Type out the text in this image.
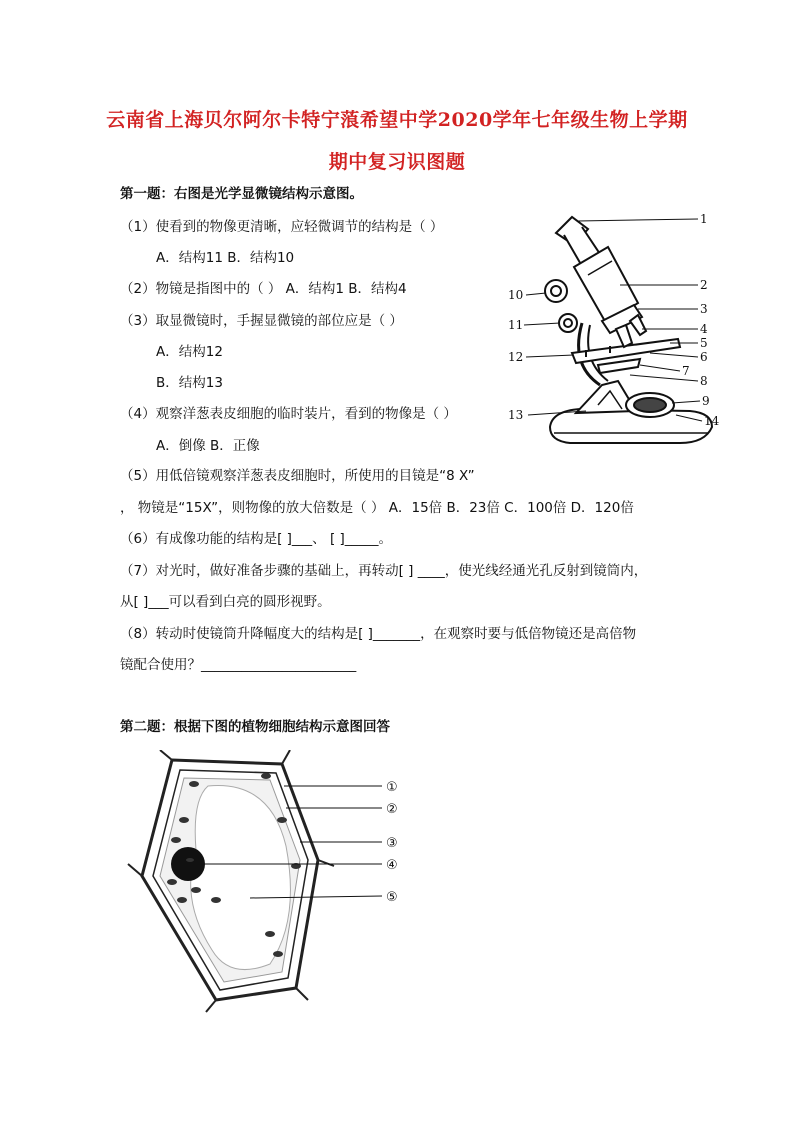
云南省上海贝尔阿尔卡特宁蒗希望中学2020学年七年级生物上学期
期中复习识图题
第一题：右图是光学显微镜结构示意图。
（1）使看到的物像更清晰，应轻微调节的结构是（ ）
A．结构11 B．结构10
（2）物镜是指图中的（ ） A．结构1 B．结构4
（3）取显微镜时，手握显微镜的部位应是（ ）
A．结构12
B．结构13
（4）观察洋葱表皮细胞的临时装片，看到的物像是（ ）
A．倒像 B．正像
（5）用低倍镜观察洋葱表皮细胞时，所使用的目镜是“8 X”
， 物镜是“15X”，则物像的放大倍数是（ ） A．15倍 B．23倍 C．100倍 D．120倍
（6）有成像功能的结构是[ ]___、 [ ]_____。
（7）对光时，做好准备步骤的基础上，再转动[ ] ____，使光线经通光孔反射到镜筒内，
从[ ]___可以看到白亮的圆形视野。
（8）转动时使镜筒升降幅度大的结构是[ ]_______，在观察时要与低倍物镜还是高倍物
镜配合使用？_______________________
第二题：根据下图的植物细胞结构示意图回答
1
2
3
4
5
6
7
8
9
14
10
11
12
13
①
②
③
④
⑤
